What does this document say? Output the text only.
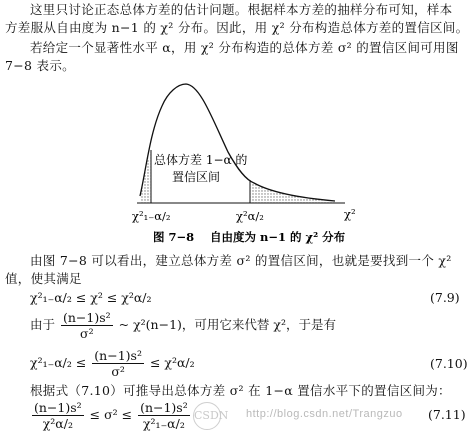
这里只讨论正态总体方差的估计问题。根据样本方差的抽样分布可知，样本
方差服从自由度为 n−1 的 χ² 分布。因此，用 χ² 分布构造总体方差的置信区间。
若给定一个显著性水平 α，用 χ² 分布构造的总体方差 σ² 的置信区间可用图
7−8 表示。
总体方差 1−α 的
置信区间
χ²₁₋α/₂	χ²α/₂	χ²
图 7−8 自由度为 n−1 的 χ² 分布
由图 7−8 可以看出，建立总体方差 σ² 的置信区间，也就是要找到一个 χ²
值，使其满足
χ²₁₋α/₂ ≤ χ² ≤ χ²α/₂	(7.9)
由于 $\frac{\text{(n−1)s²}}{\text{σ²}}$ ~ χ²(n−1)，可用它来代替 χ²，于是有
$\chi^2_{1-}\alpha/_2 \le \frac{\text{(n−1)s²}}{\text{σ²}} \le \chi^2\alpha/_2$	(7.10)
根据式（7.10）可推导出总体方差 σ² 在 1−α 置信水平下的置信区间为：
$\frac{\text{(n−1)s²}}{\text{χ²α/₂}} \le \sigma^2 \le \frac{\text{(n−1)s²}}{\text{χ²₁₋α/₂}}$	(7.11)
CSDN http://blog.csdn.net/Trangzuo
